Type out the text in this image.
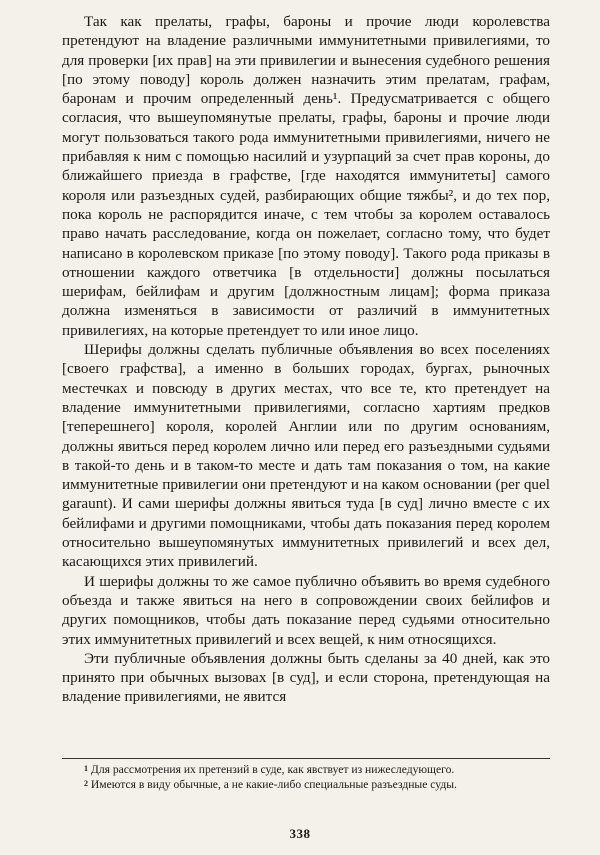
Так как прелаты, графы, бароны и прочие люди королевства претендуют на владение различными иммунитетными привилегиями, то для проверки [их прав] на эти привилегии и вынесения судебного решения [по этому поводу] король должен назначить этим прелатам, графам, баронам и прочим определенный день¹. Предусматривается с общего согласия, что вышеупомянутые прелаты, графы, бароны и прочие люди могут пользоваться такого рода иммунитетными привилегиями, ничего не прибавляя к ним с помощью насилий и узурпаций за счет прав короны, до ближайшего приезда в графстве, [где находятся иммунитеты] самого короля или разъездных судей, разбирающих общие тяжбы², и до тех пор, пока король не распорядится иначе, с тем чтобы за королем оставалось право начать расследование, когда он пожелает, согласно тому, что будет написано в королевском приказе [по этому поводу]. Такого рода приказы в отношении каждого ответчика [в отдельности] должны посылаться шерифам, бейлифам и другим [должностным лицам]; форма приказа должна изменяться в зависимости от различий в иммунитетных привилегиях, на которые претендует то или иное лицо.

Шерифы должны сделать публичные объявления во всех поселениях [своего графства], а именно в больших городах, бургах, рыночных местечках и повсюду в других местах, что все те, кто претендует на владение иммунитетными привилегиями, согласно хартиям предков [теперешнего] короля, королей Англии или по другим основаниям, должны явиться перед королем лично или перед его разъездными судьями в такой-то день и в таком-то месте и дать там показания о том, на какие иммунитетные привилегии они претендуют и на каком основании (per quel garaunt). И сами шерифы должны явиться туда [в суд] лично вместе с их бейлифами и другими помощниками, чтобы дать показания перед королем относительно вышеупомянутых иммунитетных привилегий и всех дел, касающихся этих привилегий.

И шерифы должны то же самое публично объявить во время судебного объезда и также явиться на него в сопровождении своих бейлифов и других помощников, чтобы дать показание перед судьями относительно этих иммунитетных привилегий и всех вещей, к ним относящихся.

Эти публичные объявления должны быть сделаны за 40 дней, как это принято при обычных вызовах [в суд], и если сторона, претендующая на владение привилегиями, не явится

$^1$ Для рассмотрения их претензий в суде, как явствует из нижеследующего.

$^2$ Имеются в виду обычные, а не какие-либо специальные разъездные суды.

338
